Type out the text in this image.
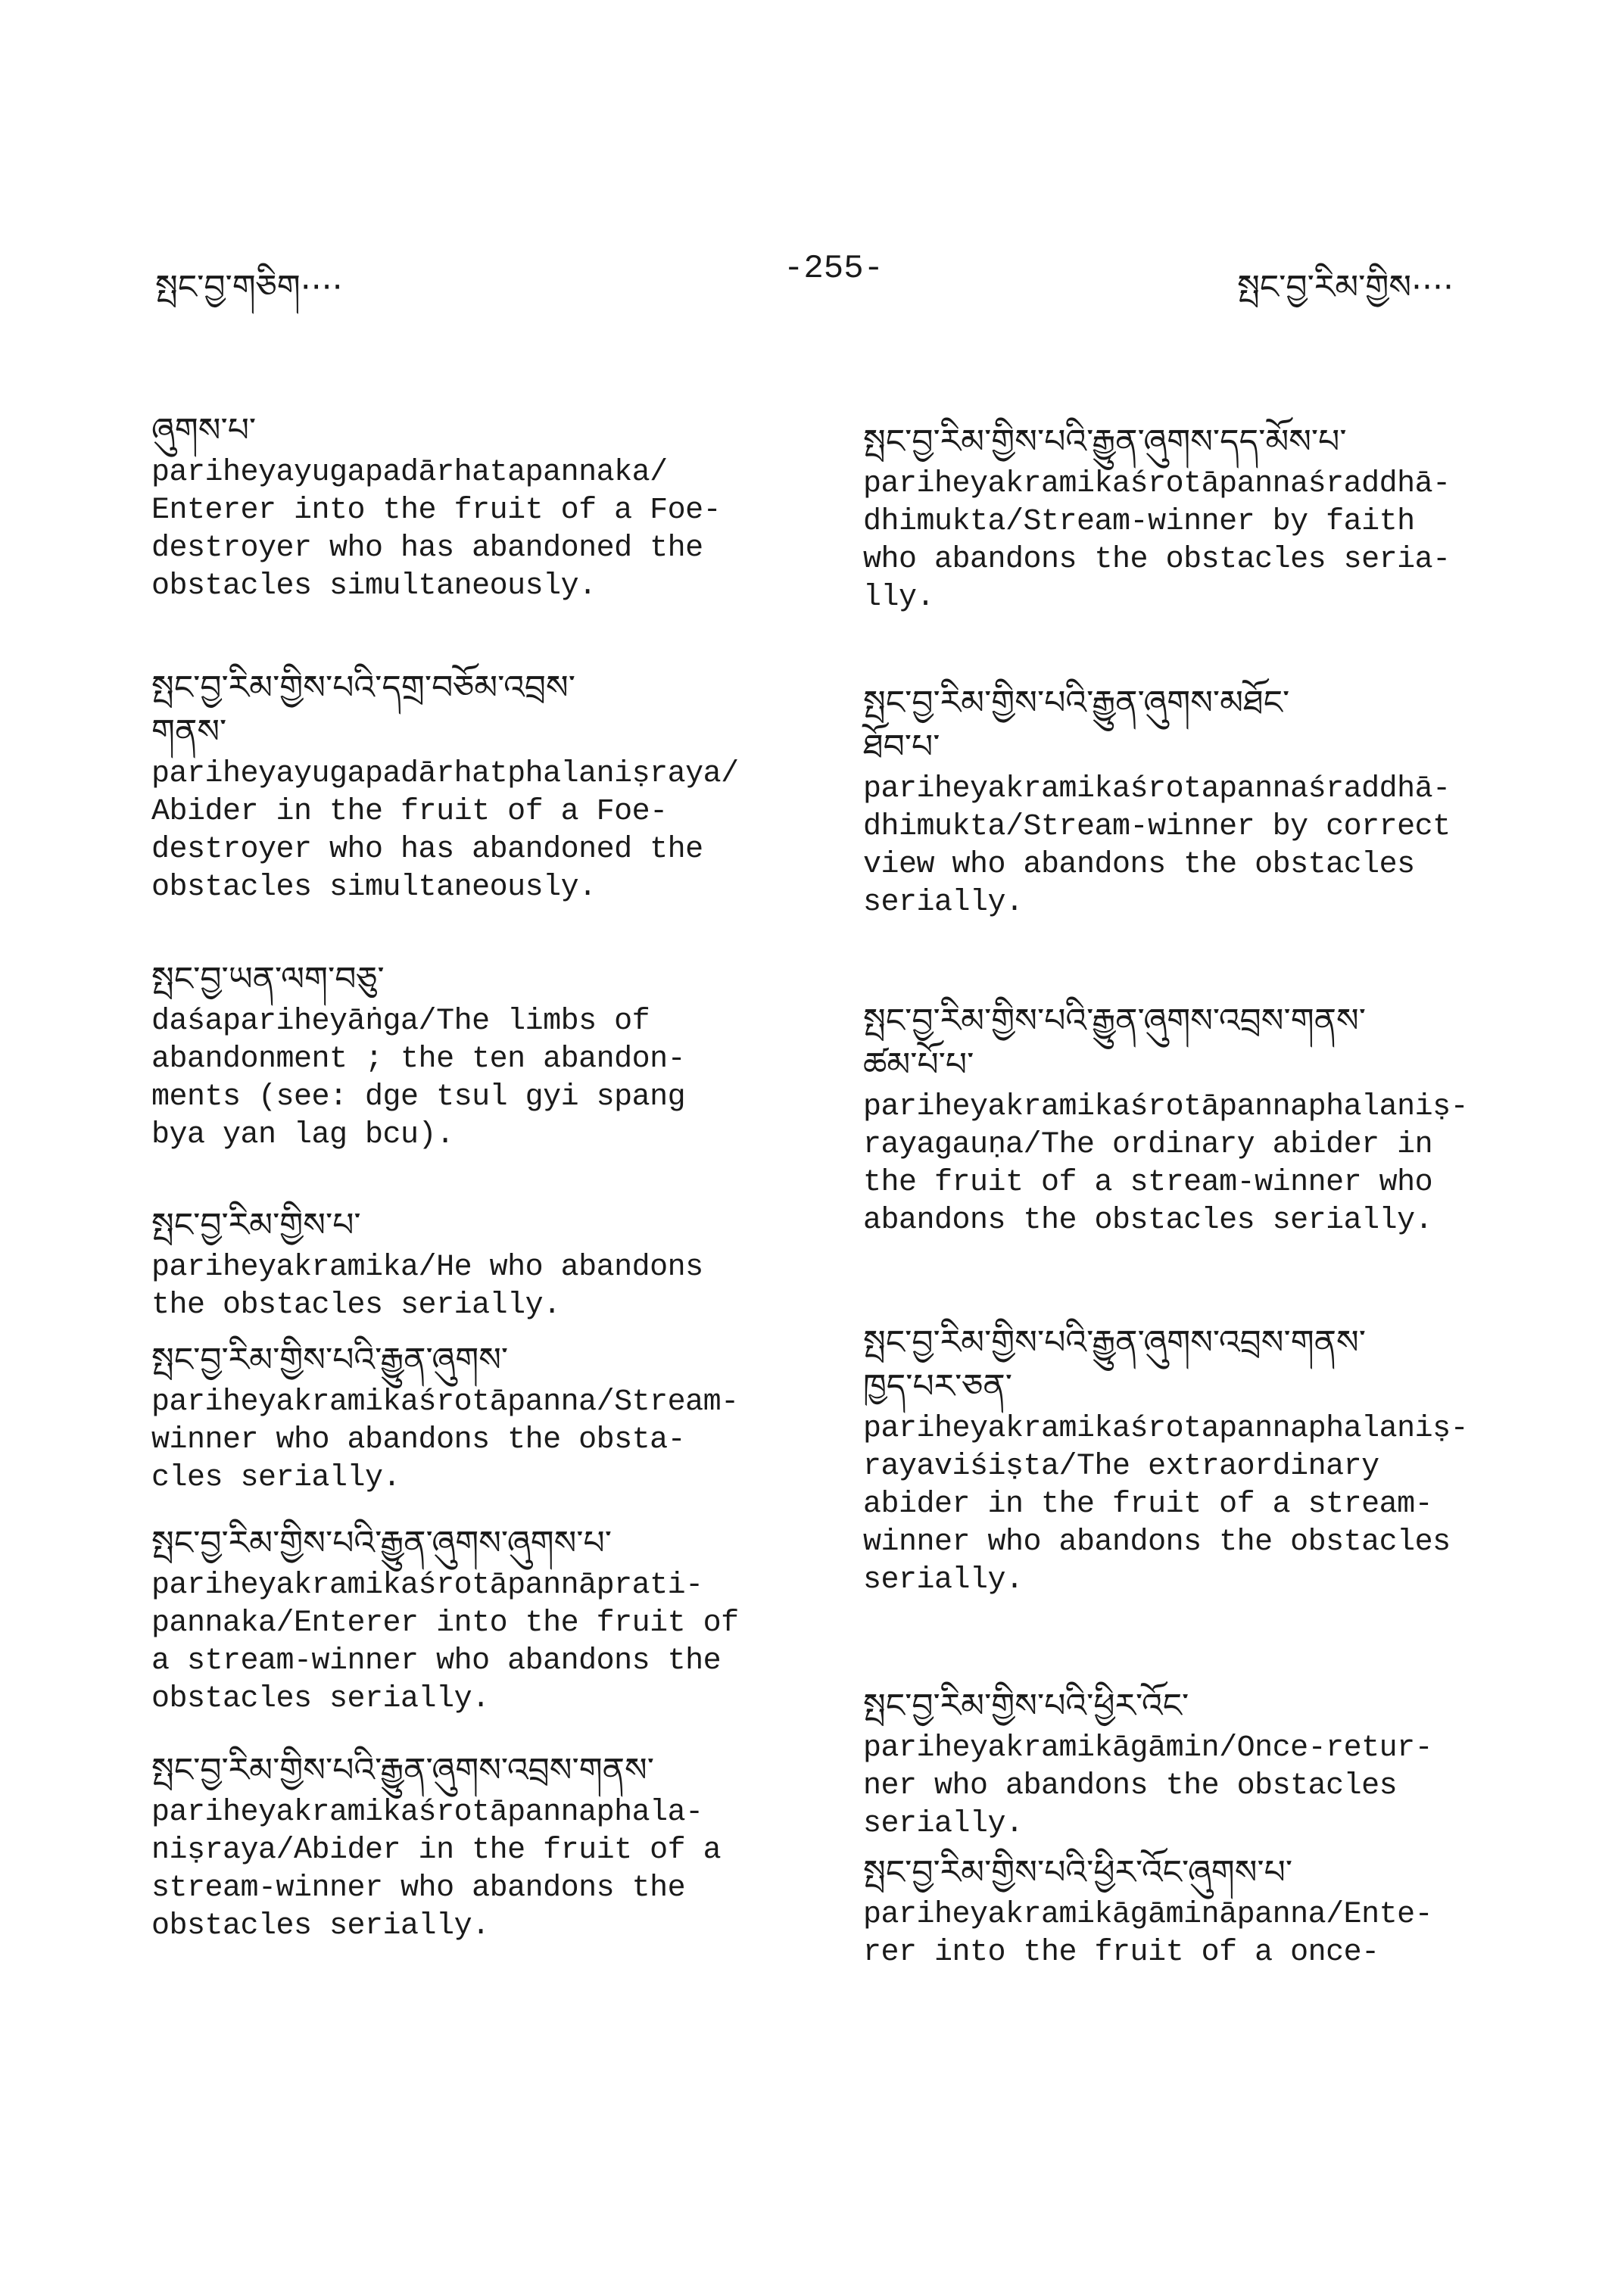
སྤང་བྱ་གཅིག····	-255-	སྤང་བྱ་རིམ་གྱིས····
ཞུགས་པ་
pariheyayugapadārhatapannaka/
Enterer into the fruit of a Foe-
destroyer who has abandoned the
obstacles simultaneously.
སྤང་བྱ་རིམ་གྱིས་པའི་དགྲ་བཅོམ་འབྲས་
གནས་
pariheyayugapadārhatphalaniṣraya/
Abider in the fruit of a Foe-
destroyer who has abandoned the
obstacles simultaneously.
སྤང་བྱ་ཡན་ལག་བཅུ་
daśapariheyāṅga/The limbs of
abandonment ; the ten abandon-
ments (see: dge tsul gyi spang
bya yan lag bcu).
སྤང་བྱ་རིམ་གྱིས་པ་
pariheyakramika/He who abandons
the obstacles serially.
སྤང་བྱ་རིམ་གྱིས་པའི་རྒྱུན་ཞུགས་
pariheyakramikaśrotāpanna/Stream-
winner who abandons the obsta-
cles serially.
སྤང་བྱ་རིམ་གྱིས་པའི་རྒྱུན་ཞུགས་ཞུགས་པ་
pariheyakramikaśrotāpannāprati-
pannaka/Enterer into the fruit of
a stream-winner who abandons the
obstacles serially.
སྤང་བྱ་རིམ་གྱིས་པའི་རྒྱུན་ཞུགས་འབྲས་གནས་
pariheyakramikaśrotāpannaphala-
niṣraya/Abider in the fruit of a
stream-winner who abandons the
obstacles serially.
སྤང་བྱ་རིམ་གྱིས་པའི་རྒྱུན་ཞུགས་དད་མོས་པ་
pariheyakramikaśrotāpannaśraddhā-
dhimukta/Stream-winner by faith
who abandons the obstacles seria-
lly.
སྤང་བྱ་རིམ་གྱིས་པའི་རྒྱུན་ཞུགས་མཐོང་
ཐོབ་པ་
pariheyakramikaśrotapannaśraddhā-
dhimukta/Stream-winner by correct
view who abandons the obstacles
serially.
སྤང་བྱ་རིམ་གྱིས་པའི་རྒྱུན་ཞུགས་འབྲས་གནས་
ཚམ་པོ་པ་
pariheyakramikaśrotāpannaphalaniṣ-
rayagauṇa/The ordinary abider in
the fruit of a stream-winner who
abandons the obstacles serially.
སྤང་བྱ་རིམ་གྱིས་པའི་རྒྱུན་ཞུགས་འབྲས་གནས་
ཁྱད་པར་ཅན་
pariheyakramikaśrotapannaphalaniṣ-
rayaviśiṣta/The extraordinary
abider in the fruit of a stream-
winner who abandons the obstacles
serially.
སྤང་བྱ་རིམ་གྱིས་པའི་ཕྱིར་འོང་
pariheyakramikāgāmin/Once-retur-
ner who abandons the obstacles
serially.
སྤང་བྱ་རིམ་གྱིས་པའི་ཕྱིར་འོང་ཞུགས་པ་
pariheyakramikāgāmināpanna/Ente-
rer into the fruit of a once-
